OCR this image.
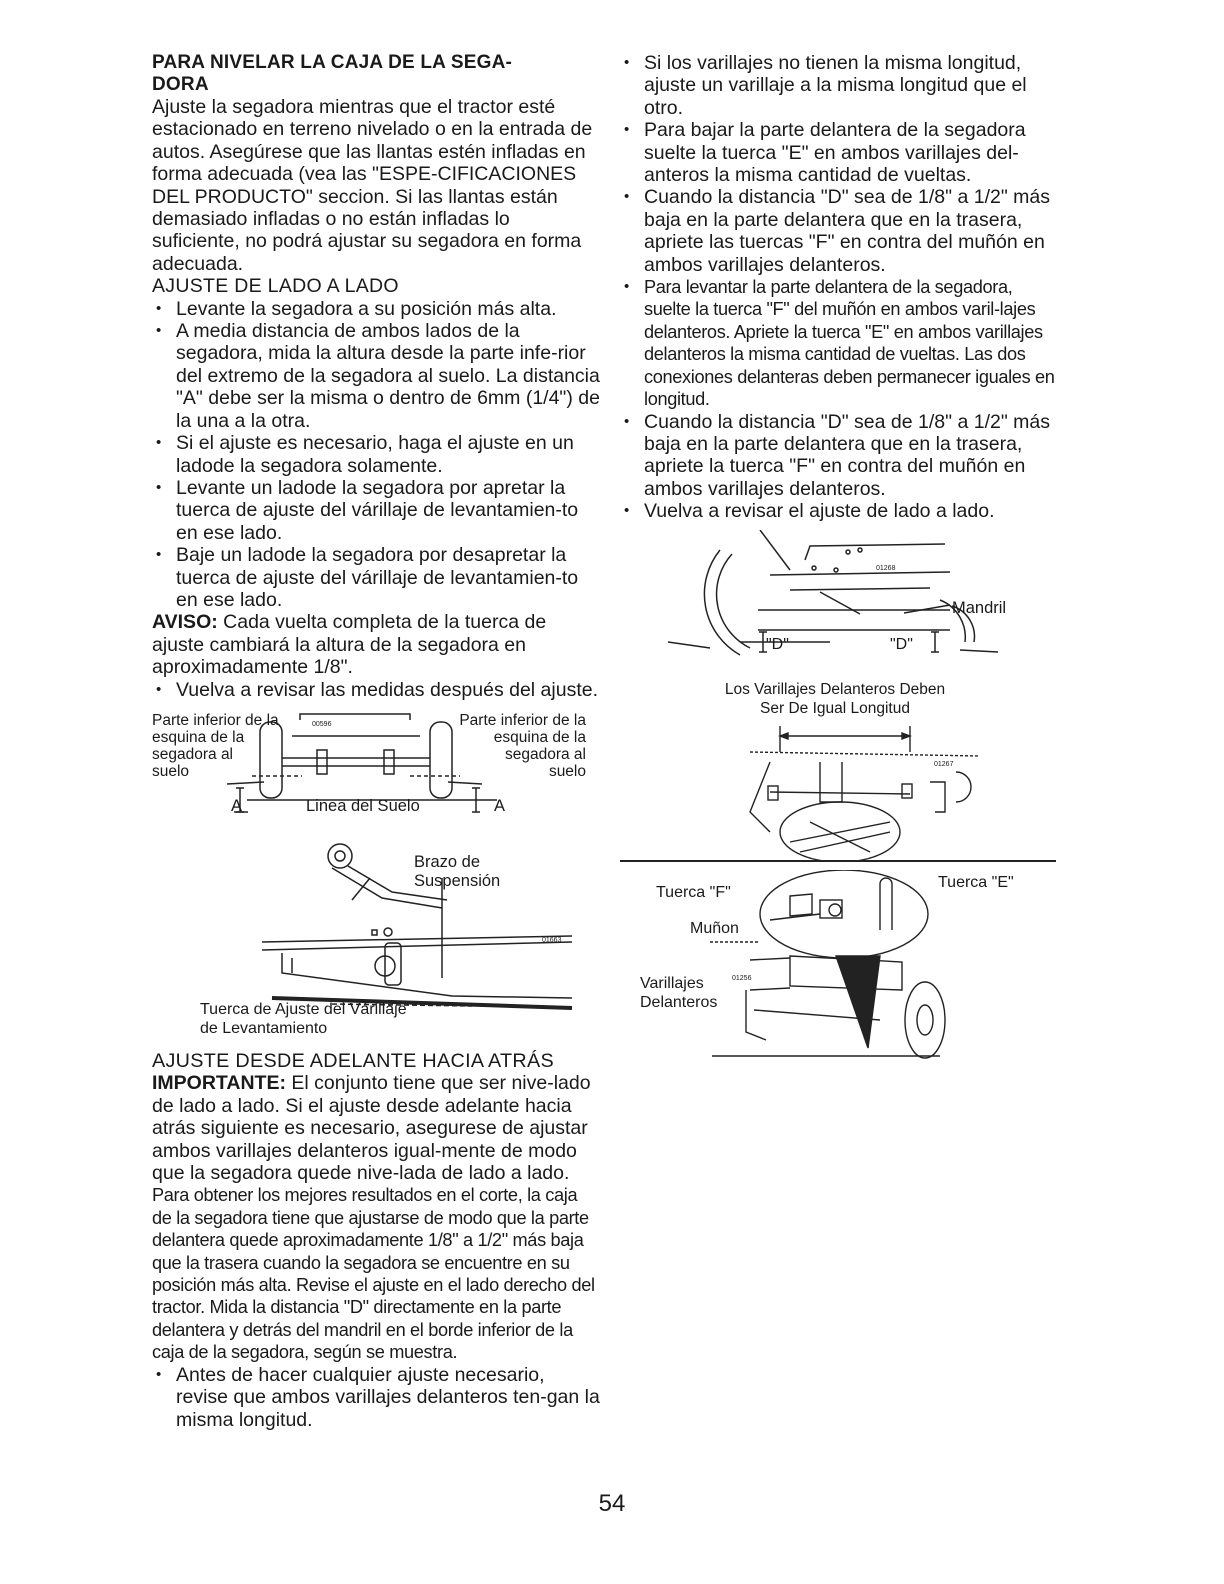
PARA NIVELAR LA CAJA DE LA SEGA-
DORA

Ajuste la segadora mientras que el tractor esté estacionado en terreno nivelado o en la entrada de autos. Asegúrese que las llantas estén infladas en forma adecuada (vea las "ESPE-CIFICACIONES DEL PRODUCTO" seccion. Si las llantas están demasiado infladas o no están infladas lo suficiente, no podrá ajustar su segadora en forma adecuada.

AJUSTE DE LADO A LADO

• Levante la segadora a su posición más alta.
• A media distancia de ambos lados de la segadora, mida la altura desde la parte infe-rior del extremo de la segadora al suelo. La distancia "A" debe ser la misma o dentro de 6mm (1/4") de la una a la otra.
• Si el ajuste es necesario, haga el ajuste en un ladode la segadora solamente.
• Levante un ladode la segadora por apretar la tuerca de ajuste del várillaje de levantamien-to en ese lado.
• Baje un ladode la segadora por desapretar la tuerca de ajuste del várillaje de levantamien-to en ese lado.

AVISO: Cada vuelta completa de la tuerca de ajuste cambiará la altura de la segadora en aproximadamente 1/8".

• Vuelva a revisar las medidas después del ajuste.
Parte inferior de la
esquina de la
segadora al
suelo
Parte inferior de la
esquina de la
segadora al
suelo
Linea del Suelo
A	A
00596
Brazo de
Suspensión
Tuerca de Ajuste del Várillaje
de Levantamiento
01663

AJUSTE DESDE ADELANTE HACIA ATRÁS

IMPORTANTE: El conjunto tiene que ser nive-lado de lado a lado. Si el ajuste desde adelante hacia atrás siguiente es necesario, asegurese de ajustar ambos varillajes delanteros igual-mente de modo que la segadora quede nive-lada de lado a lado.

Para obtener los mejores resultados en el corte, la caja de la segadora tiene que ajustarse de modo que la parte delantera quede aproximadamente 1/8" a 1/2" más baja que la trasera cuando la segadora se encuentre en su posición más alta. Revise el ajuste en el lado derecho del tractor. Mida la distancia "D" directamente en la parte delantera y detrás del mandril en el borde inferior de la caja de la segadora, según se muestra.

• Antes de hacer cualquier ajuste necesario, revise que ambos varillajes delanteros ten-gan la misma longitud.
• Si los varillajes no tienen la misma longitud, ajuste un varillaje a la misma longitud que el otro.
• Para bajar la parte delantera de la segadora suelte la tuerca "E" en ambos varillajes del-anteros la misma cantidad de vueltas.
• Cuando la distancia "D" sea de 1/8" a 1/2" más baja en la parte delantera que en la trasera, apriete las tuercas "F" en contra del muñón en ambos varillajes delanteros.
• Para levantar la parte delantera de la segadora, suelte la tuerca "F" del muñón en ambos varil-lajes delanteros. Apriete la tuerca "E" en ambos varillajes delanteros la misma cantidad de vueltas. Las dos conexiones delanteras deben permanecer iguales en longitud.
• Cuando la distancia "D" sea de 1/8" a 1/2" más baja en la parte delantera que en la trasera, apriete la tuerca "F" en contra del muñón en ambos varillajes delanteros.
• Vuelva a revisar el ajuste de lado a lado.
Mandril
"D"	"D"
01268
Los Varillajes Delanteros Deben
Ser De Igual Longitud
01267
Tuerca "F"
Tuerca "E"
Muñon
Varillajes
Delanteros
01256
54
